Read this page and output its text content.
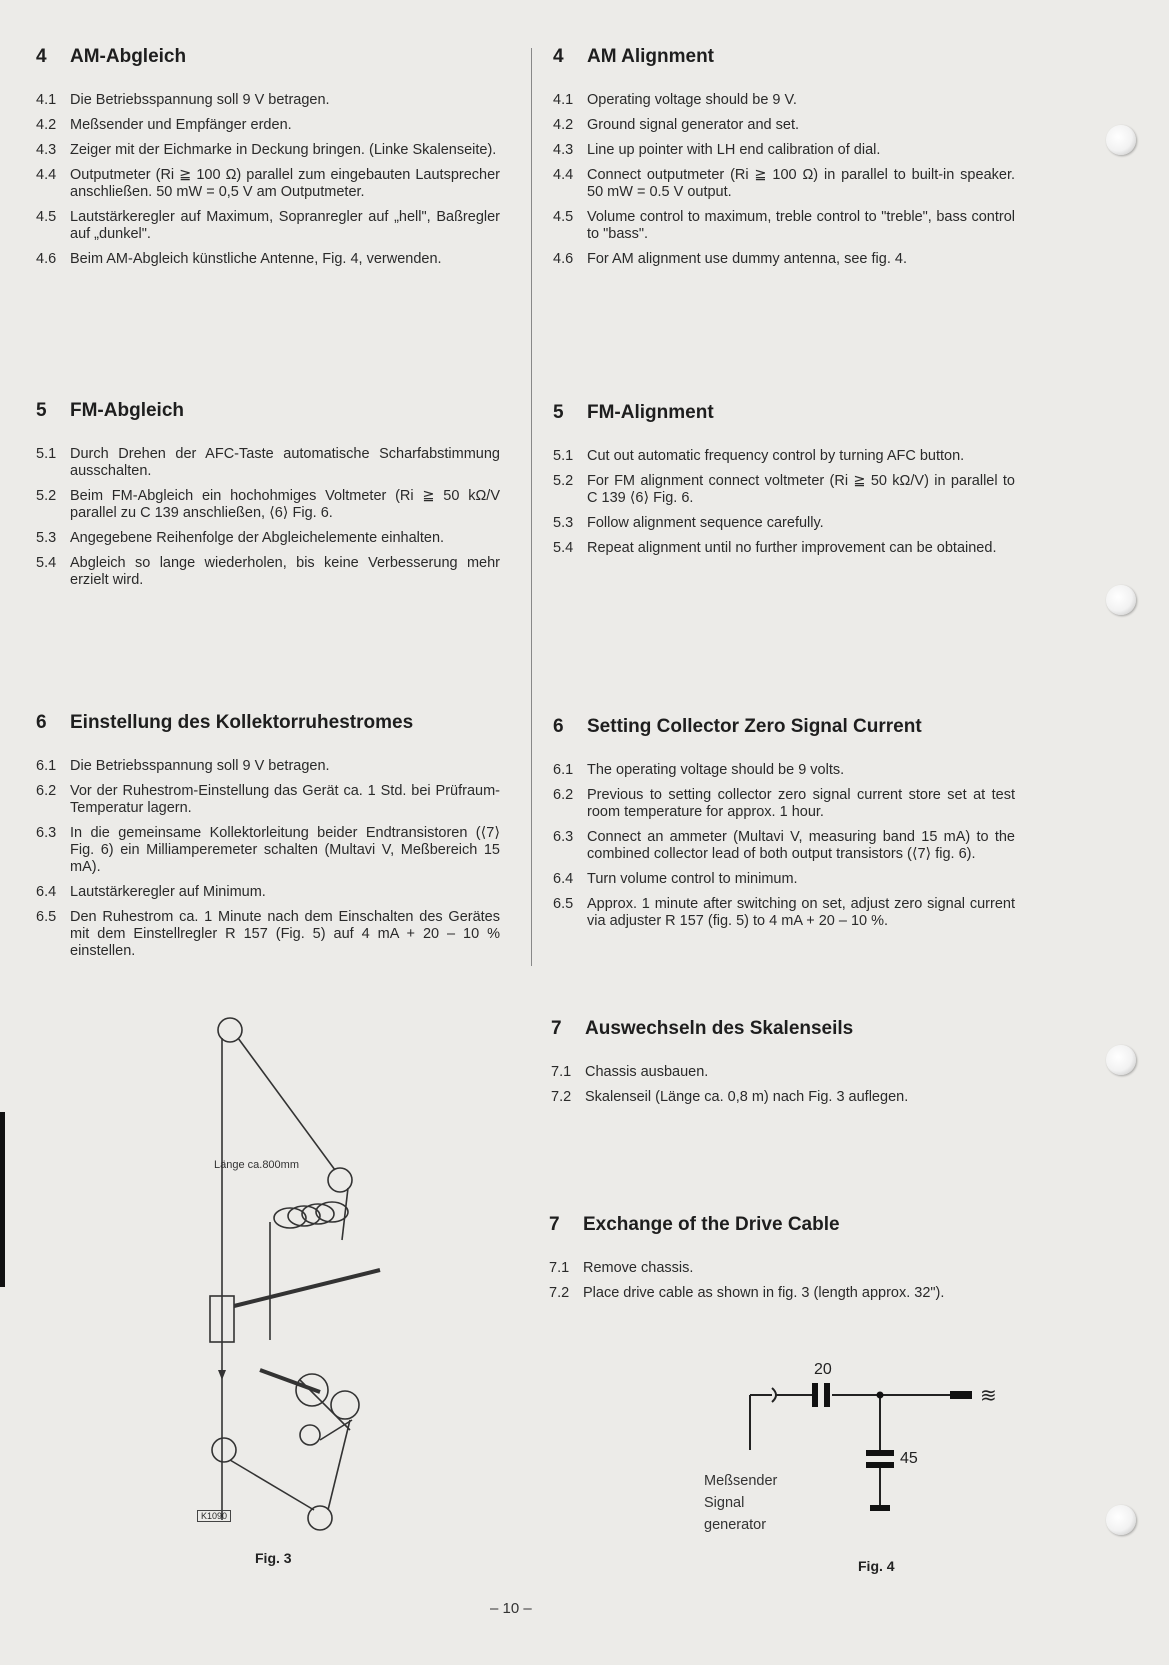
4	AM-Abgleich
4.1 Die Betriebsspannung soll 9 V betragen.
4.2 Meßsender und Empfänger erden.
4.3 Zeiger mit der Eichmarke in Deckung bringen. (Linke Skalenseite).
4.4 Outputmeter (Ri ≧ 100 Ω) parallel zum eingebauten Lautsprecher anschließen. 50 mW = 0,5 V am Outputmeter.
4.5 Lautstärkeregler auf Maximum, Sopranregler auf „hell", Baßregler auf „dunkel".
4.6 Beim AM-Abgleich künstliche Antenne, Fig. 4, verwenden.
5	FM-Abgleich
5.1 Durch Drehen der AFC-Taste automatische Scharfabstimmung ausschalten.
5.2 Beim FM-Abgleich ein hochohmiges Voltmeter (Ri ≧ 50 kΩ/V parallel zu C 139 anschließen, ⟨6⟩ Fig. 6.
5.3 Angegebene Reihenfolge der Abgleichelemente einhalten.
5.4 Abgleich so lange wiederholen, bis keine Verbesserung mehr erzielt wird.
6	Einstellung des Kollektorruhestromes
6.1 Die Betriebsspannung soll 9 V betragen.
6.2 Vor der Ruhestrom-Einstellung das Gerät ca. 1 Std. bei Prüfraum-Temperatur lagern.
6.3 In die gemeinsame Kollektorleitung beider Endtransistoren (⟨7⟩ Fig. 6) ein Milliamperemeter schalten (Multavi V, Meßbereich 15 mA).
6.4 Lautstärkeregler auf Minimum.
6.5 Den Ruhestrom ca. 1 Minute nach dem Einschalten des Gerätes mit dem Einstellregler R 157 (Fig. 5) auf 4 mA + 20 – 10 % einstellen.
4	AM Alignment
4.1 Operating voltage should be 9 V.
4.2 Ground signal generator and set.
4.3 Line up pointer with LH end calibration of dial.
4.4 Connect outputmeter (Ri ≧ 100 Ω) in parallel to built-in speaker. 50 mW = 0.5 V output.
4.5 Volume control to maximum, treble control to "treble", bass control to "bass".
4.6 For AM alignment use dummy antenna, see fig. 4.
5	FM-Alignment
5.1 Cut out automatic frequency control by turning AFC button.
5.2 For FM alignment connect voltmeter (Ri ≧ 50 kΩ/V) in parallel to C 139 ⟨6⟩ Fig. 6.
5.3 Follow alignment sequence carefully.
5.4 Repeat alignment until no further improvement can be obtained.
6	Setting Collector Zero Signal Current
6.1 The operating voltage should be 9 volts.
6.2 Previous to setting collector zero signal current store set at test room temperature for approx. 1 hour.
6.3 Connect an ammeter (Multavi V, measuring band 15 mA) to the combined collector lead of both output transistors (⟨7⟩ fig. 6).
6.4 Turn volume control to minimum.
6.5 Approx. 1 minute after switching on set, adjust zero signal current via adjuster R 157 (fig. 5) to 4 mA + 20 – 10 %.
7	Auswechseln des Skalenseils
7.1 Chassis ausbauen.
7.2 Skalenseil (Länge ca. 0,8 m) nach Fig. 3 auflegen.
7	Exchange of the Drive Cable
7.1 Remove chassis.
7.2 Place drive cable as shown in fig. 3 (length approx. 32").
Länge ca.800mm
K1090
Fig. 3
≋
20
45
Meßsender
Signal
generator
Fig. 4
– 10 –
